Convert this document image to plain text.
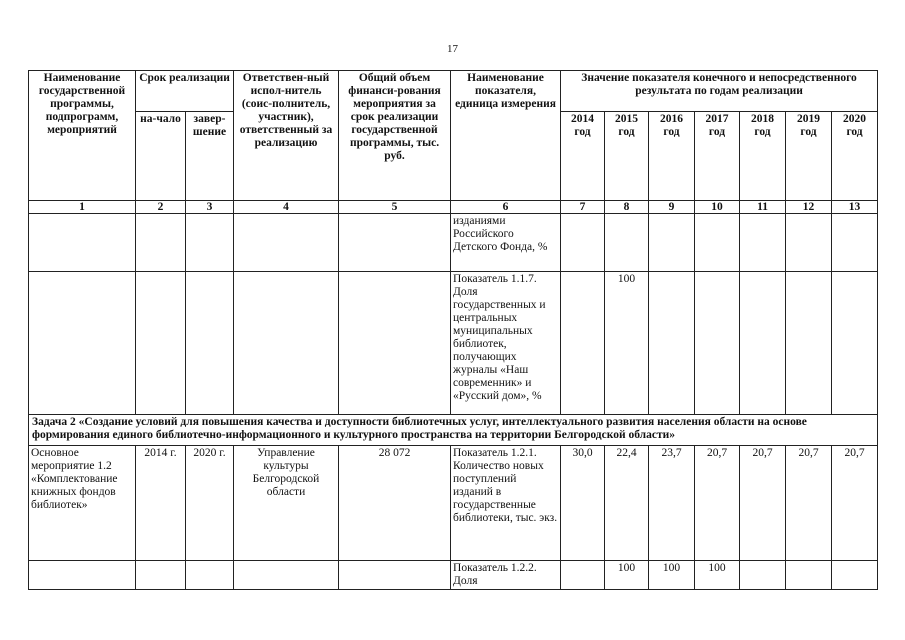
17
Наименование государственной программы, подпрограмм, мероприятий	Срок реализации		Ответствен-ный испол-нитель (соис-полнитель, участник), ответственный за реализацию	Общий объем финанси-рования мероприятия за срок реализации государственной программы, тыс. руб.	Наименование показателя, единица измерения	Значение показателя конечного и непосредственного результата по годам реализации						
	на-чало	завер-шение				2014 год	2015 год	2016 год	2017 год	2018 год	2019 год	2020 год
1	2	3	4	5	6	7	8	9	10	11	12	13
					изданиями Российского Детского Фонда, %							
					Показатель 1.1.7. Доля государственных и центральных муниципальных библиотек, получающих журналы «Наш современник» и «Русский дом», %		100					
Задача 2 «Создание условий для повышения качества и доступности библиотечных услуг, интеллектуального развития населения области на основе формирования единого библиотечно-информационного и культурного пространства на территории Белгородской области»												
Основное мероприятие 1.2 «Комплектование книжных фондов библиотек»	2014 г.	2020 г.	Управление культуры Белгородской области	28 072	Показатель 1.2.1. Количество новых поступлений изданий в государственные библиотеки, тыс. экз.	30,0	22,4	23,7	20,7	20,7	20,7	20,7
					Показатель 1.2.2. Доля		100	100	100			
